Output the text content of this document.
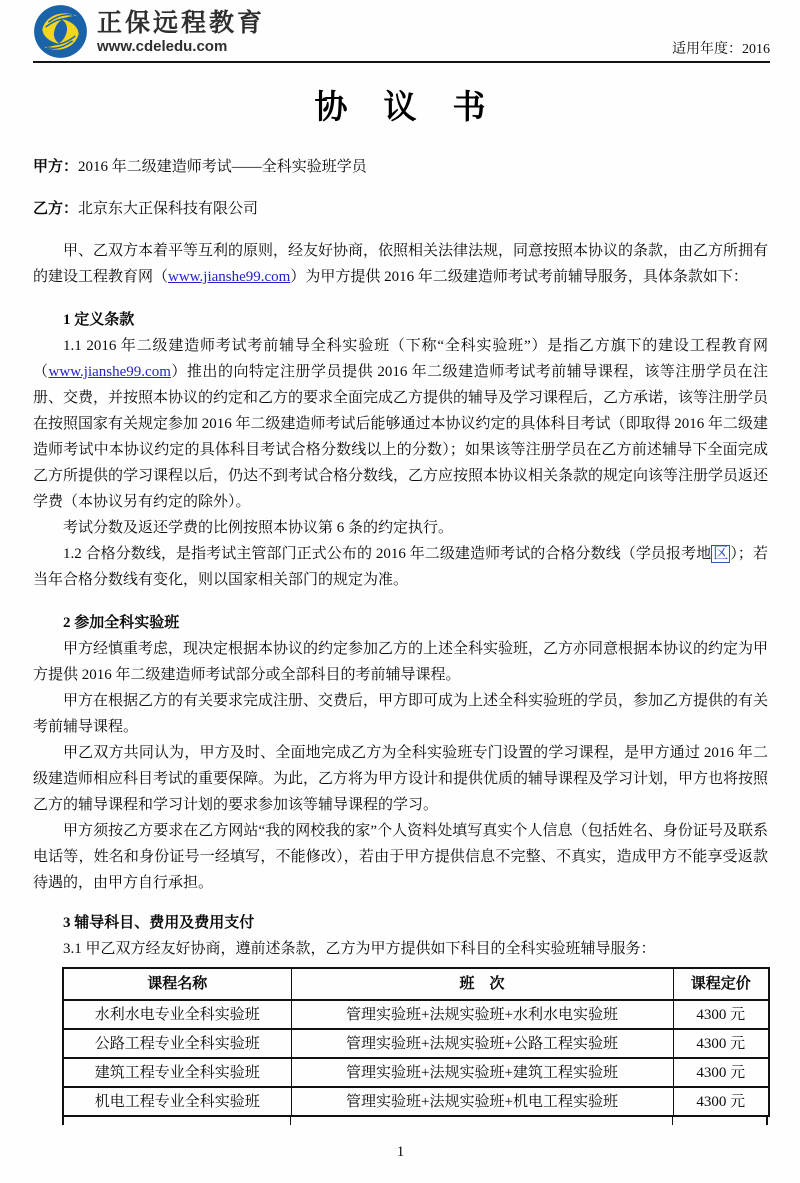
正保远程教育
www.cdeledu.com	适用年度：2016
协 议 书
甲方：2016 年二级建造师考试——全科实验班学员
乙方：北京东大正保科技有限公司
甲、乙双方本着平等互利的原则，经友好协商，依照相关法律法规，同意按照本协议的条款，由乙方所拥有的建设工程教育网（www.jianshe99.com）为甲方提供 2016 年二级建造师考试考前辅导服务，具体条款如下：
1 定义条款
1.1 2016 年二级建造师考试考前辅导全科实验班（下称“全科实验班”）是指乙方旗下的建设工程教育网（www.jianshe99.com）推出的向特定注册学员提供 2016 年二级建造师考试考前辅导课程，该等注册学员在注册、交费，并按照本协议的约定和乙方的要求全面完成乙方提供的辅导及学习课程后，乙方承诺，该等注册学员在按照国家有关规定参加 2016 年二级建造师考试后能够通过本协议约定的具体科目考试（即取得 2016 年二级建造师考试中本协议约定的具体科目考试合格分数线以上的分数）；如果该等注册学员在乙方前述辅导下全面完成乙方所提供的学习课程以后，仍达不到考试合格分数线，乙方应按照本协议相关条款的规定向该等注册学员返还学费（本协议另有约定的除外）。
考试分数及返还学费的比例按照本协议第 6 条的约定执行。
1.2 合格分数线，是指考试主管部门正式公布的 2016 年二级建造师考试的合格分数线（学员报考地 区 ）；若当年合格分数线有变化，则以国家相关部门的规定为准。
2 参加全科实验班
甲方经慎重考虑，现决定根据本协议的约定参加乙方的上述全科实验班，乙方亦同意根据本协议的约定为甲方提供 2016 年二级建造师考试部分或全部科目的考前辅导课程。
甲方在根据乙方的有关要求完成注册、交费后，甲方即可成为上述全科实验班的学员，参加乙方提供的有关考前辅导课程。
甲乙双方共同认为，甲方及时、全面地完成乙方为全科实验班专门设置的学习课程，是甲方通过 2016 年二级建造师相应科目考试的重要保障。为此，乙方将为甲方设计和提供优质的辅导课程及学习计划，甲方也将按照乙方的辅导课程和学习计划的要求参加该等辅导课程的学习。
甲方须按乙方要求在乙方网站“我的网校我的家”个人资料处填写真实个人信息（包括姓名、身份证号及联系电话等，姓名和身份证号一经填写，不能修改），若由于甲方提供信息不完整、不真实，造成甲方不能享受返款待遇的，由甲方自行承担。
3 辅导科目、费用及费用支付
3.1 甲乙双方经友好协商，遵前述条款，乙方为甲方提供如下科目的全科实验班辅导服务：
课程名称	班　次	课程定价
水利水电专业全科实验班	管理实验班+法规实验班+水利水电实验班	4300 元
公路工程专业全科实验班	管理实验班+法规实验班+公路工程实验班	4300 元
建筑工程专业全科实验班	管理实验班+法规实验班+建筑工程实验班	4300 元
机电工程专业全科实验班	管理实验班+法规实验班+机电工程实验班	4300 元
1
